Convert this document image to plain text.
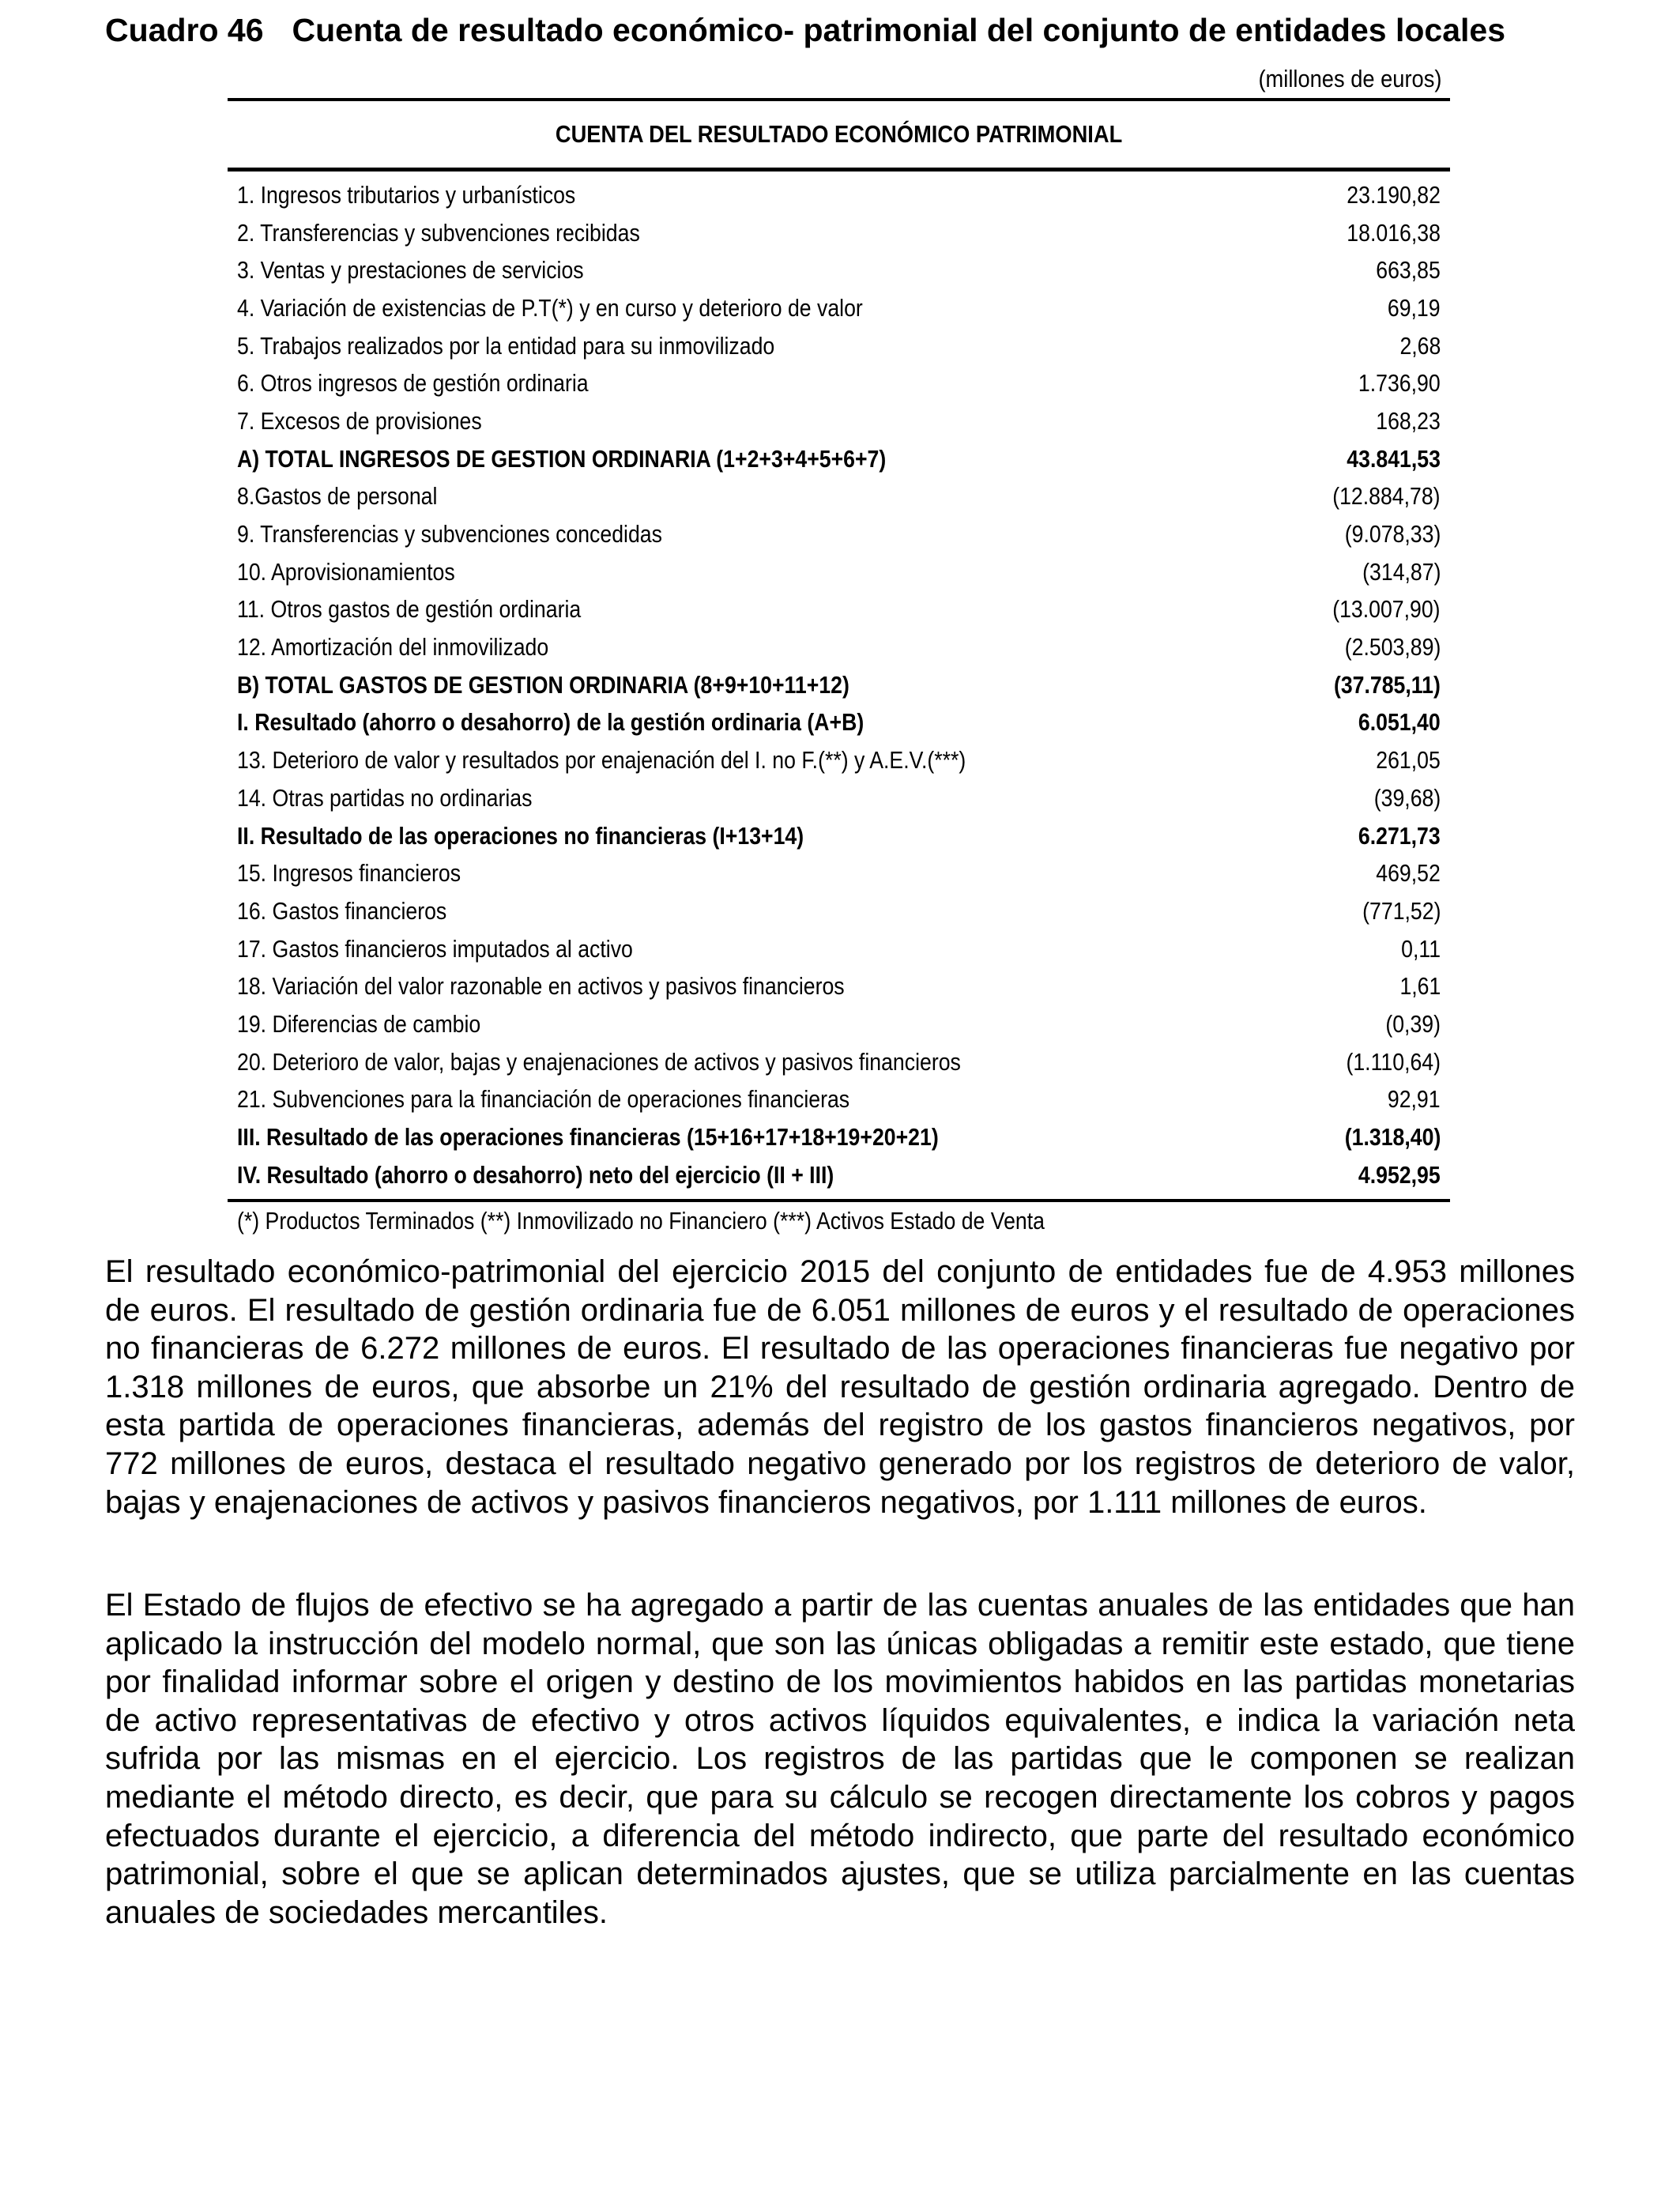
Cuadro 46 Cuenta de resultado económico- patrimonial del conjunto de entidades locales
(millones de euros)
CUENTA DEL RESULTADO ECONÓMICO PATRIMONIAL
1. Ingresos tributarios y urbanísticos	23.190,82
2. Transferencias y subvenciones recibidas	18.016,38
3. Ventas y prestaciones de servicios	663,85
4. Variación de existencias de P.T(*) y en curso y deterioro de valor	69,19
5. Trabajos realizados por la entidad para su inmovilizado	2,68
6. Otros ingresos de gestión ordinaria	1.736,90
7. Excesos de provisiones	168,23
A) TOTAL INGRESOS DE GESTION ORDINARIA (1+2+3+4+5+6+7)	43.841,53
8.Gastos de personal	(12.884,78)
9. Transferencias y subvenciones concedidas	(9.078,33)
10. Aprovisionamientos	(314,87)
11. Otros gastos de gestión ordinaria	(13.007,90)
12. Amortización del inmovilizado	(2.503,89)
B) TOTAL GASTOS DE GESTION ORDINARIA (8+9+10+11+12)	(37.785,11)
I. Resultado (ahorro o desahorro) de la gestión ordinaria (A+B)	6.051,40
13. Deterioro de valor y resultados por enajenación del I. no F.(**) y A.E.V.(***)	261,05
14. Otras partidas no ordinarias	(39,68)
II. Resultado de las operaciones no financieras (I+13+14)	6.271,73
15. Ingresos financieros	469,52
16. Gastos financieros	(771,52)
17. Gastos financieros imputados al activo	0,11
18. Variación del valor razonable en activos y pasivos financieros	1,61
19. Diferencias de cambio	(0,39)
20. Deterioro de valor, bajas y enajenaciones de activos y pasivos financieros	(1.110,64)
21. Subvenciones para la financiación de operaciones financieras	92,91
III. Resultado de las operaciones financieras (15+16+17+18+19+20+21)	(1.318,40)
IV. Resultado (ahorro o desahorro) neto del ejercicio (II + III)	4.952,95
(*) Productos Terminados (**) Inmovilizado no Financiero (***) Activos Estado de Venta

El resultado económico-patrimonial del ejercicio 2015 del conjunto de entidades fue de 4.953 millones de euros. El resultado de gestión ordinaria fue de 6.051 millones de euros y el resultado de operaciones no financieras de 6.272 millones de euros. El resultado de las operaciones financieras fue negativo por 1.318 millones de euros, que absorbe un 21% del resultado de gestión ordinaria agregado. Dentro de esta partida de operaciones financieras, además del registro de los gastos financieros negativos, por 772 millones de euros, destaca el resultado negativo generado por los registros de deterioro de valor, bajas y enajenaciones de activos y pasivos financieros negativos, por 1.111 millones de euros.

El Estado de flujos de efectivo se ha agregado a partir de las cuentas anuales de las entidades que han aplicado la instrucción del modelo normal, que son las únicas obligadas a remitir este estado, que tiene por finalidad informar sobre el origen y destino de los movimientos habidos en las partidas monetarias de activo representativas de efectivo y otros activos líquidos equivalentes, e indica la variación neta sufrida por las mismas en el ejercicio. Los registros de las partidas que le componen se realizan mediante el método directo, es decir, que para su cálculo se recogen directamente los cobros y pagos efectuados durante el ejercicio, a diferencia del método indirecto, que parte del resultado económico patrimonial, sobre el que se aplican determinados ajustes, que se utiliza parcialmente en las cuentas anuales de sociedades mercantiles.
